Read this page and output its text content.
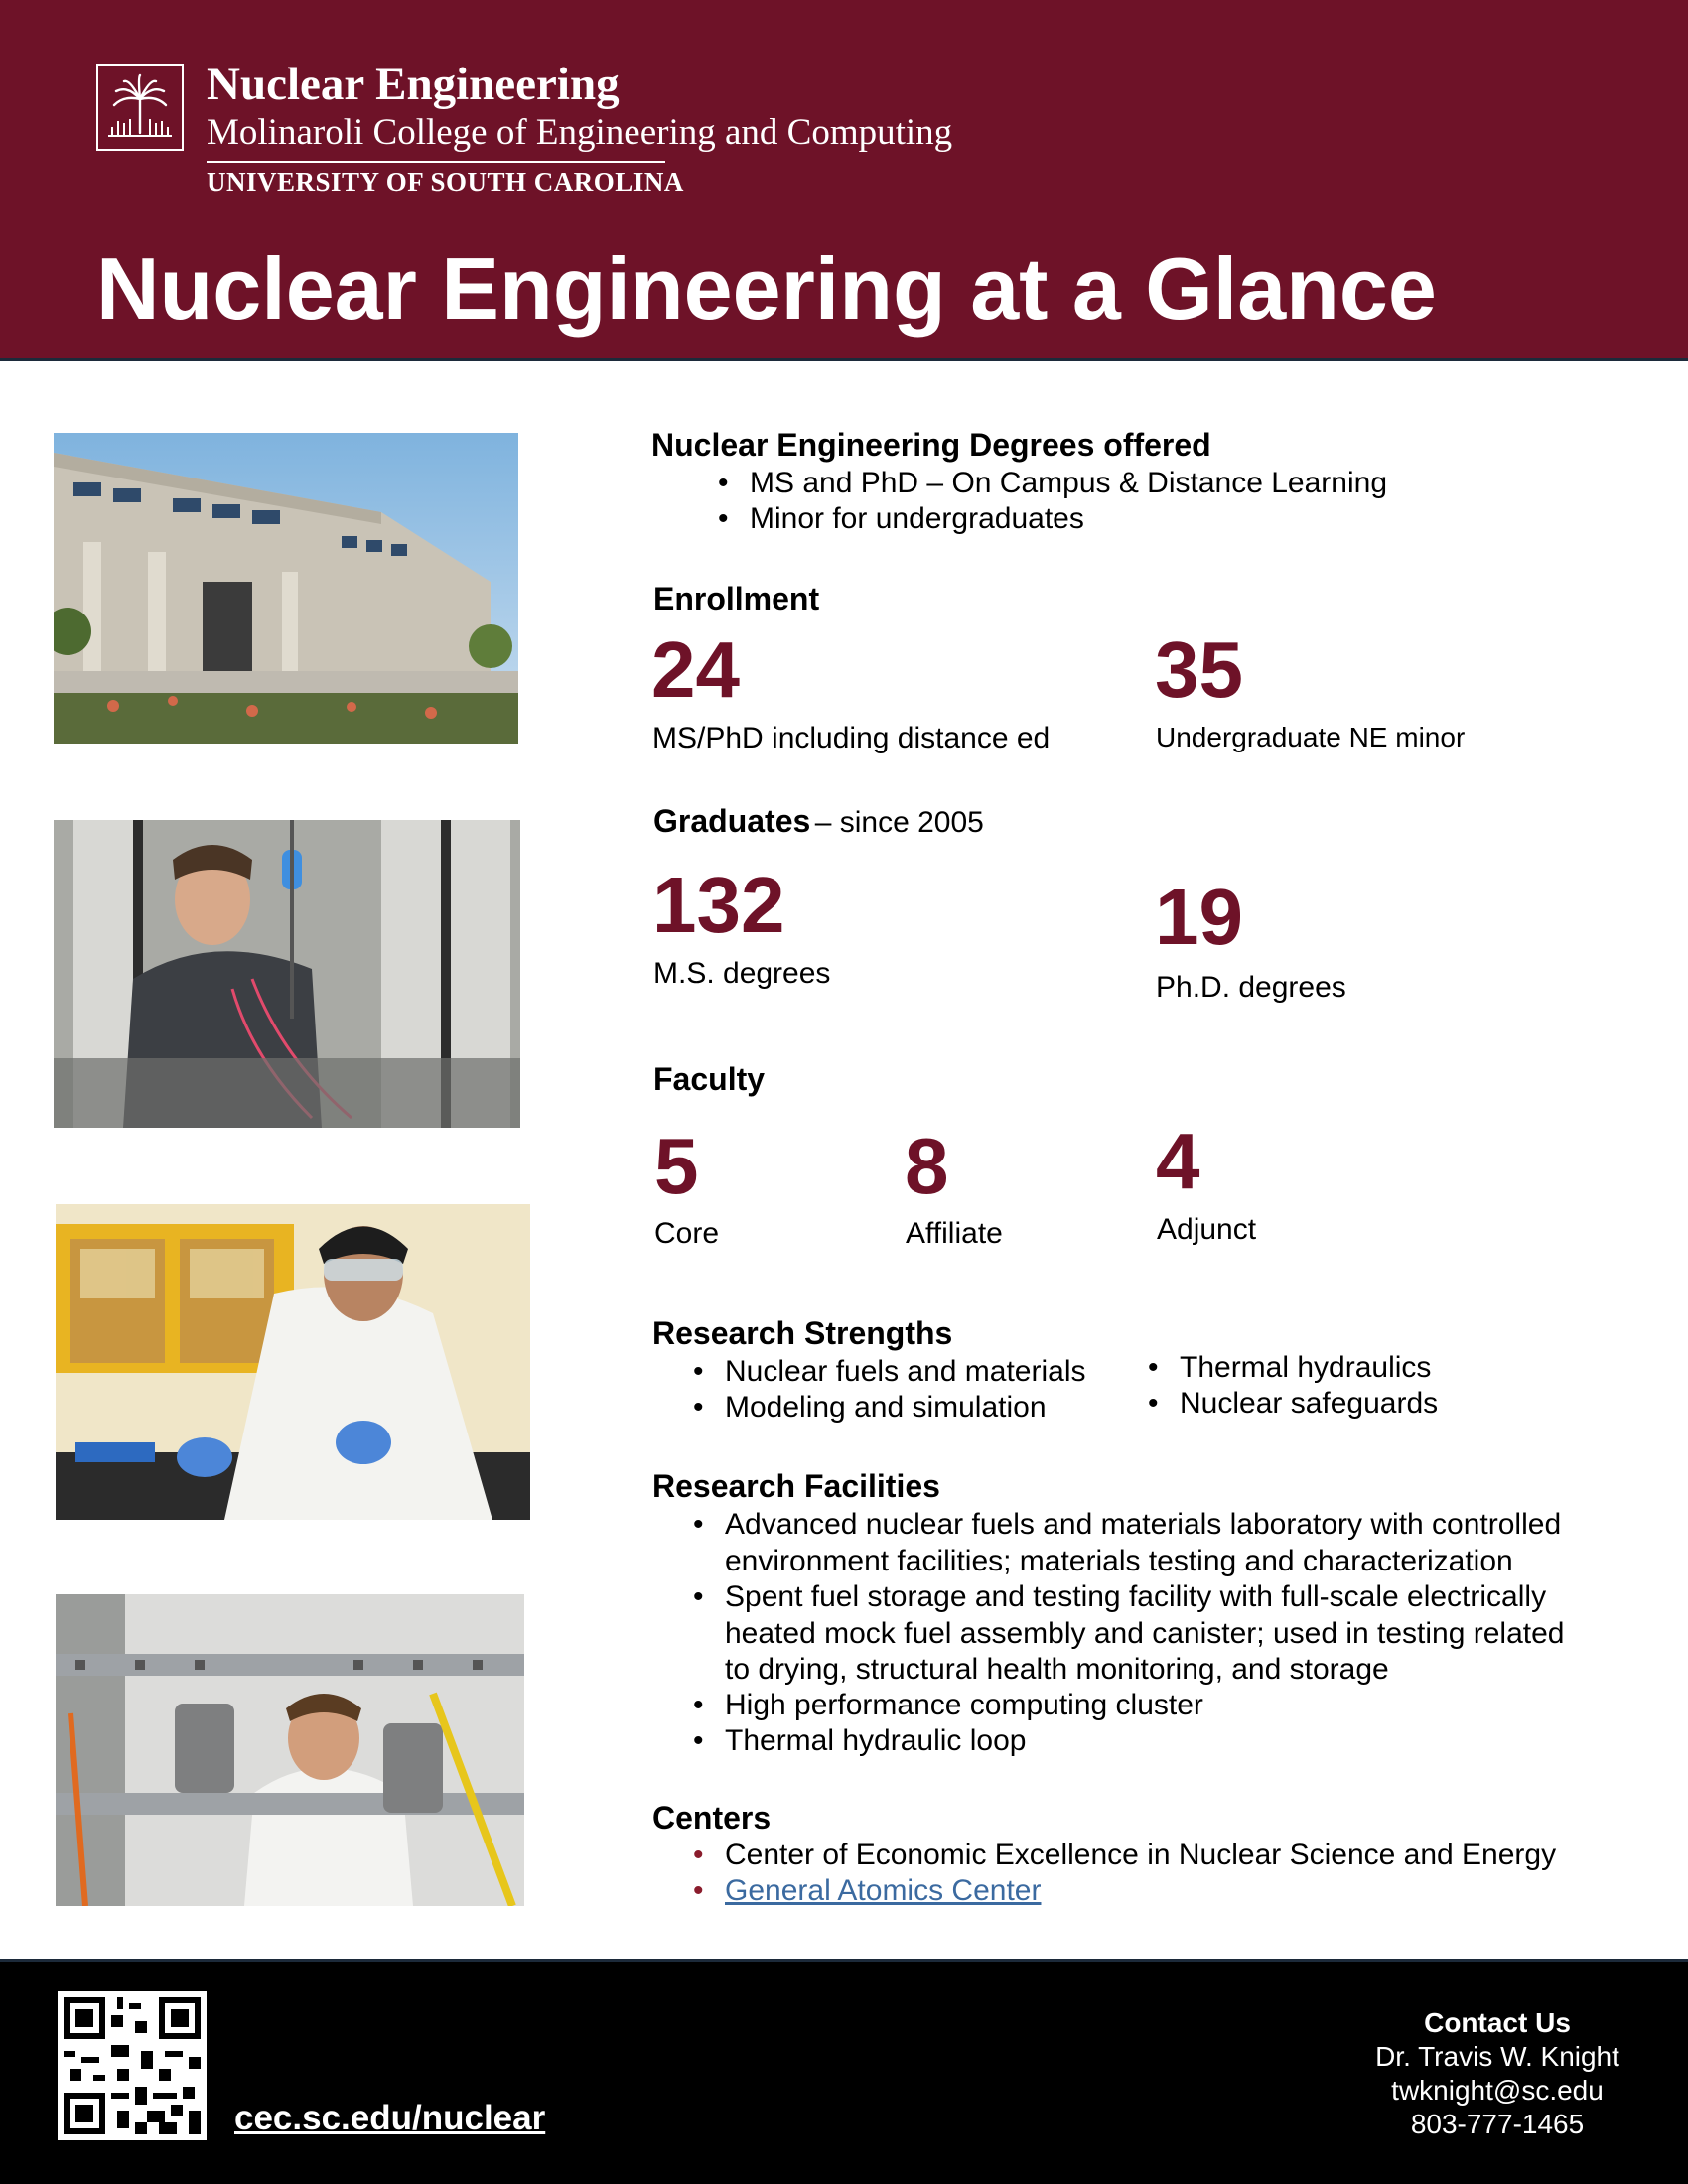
Nuclear Engineering
Molinaroli College of Engineering and Computing
UNIVERSITY OF SOUTH CAROLINA
Nuclear Engineering at a Glance
Nuclear Engineering Degrees offered
• MS and PhD – On Campus & Distance Learning
• Minor for undergraduates
Enrollment
24
MS/PhD including distance ed
35
Undergraduate NE minor
Graduates – since 2005
132
M.S. degrees
19
Ph.D. degrees
Faculty
5
Core
8
Affiliate
4
Adjunct
Research Strengths
• Nuclear fuels and materials
• Modeling and simulation
• Thermal hydraulics
• Nuclear safeguards
Research Facilities
• Advanced nuclear fuels and materials laboratory with controlled
environment facilities; materials testing and characterization
• Spent fuel storage and testing facility with full-scale electrically
heated mock fuel assembly and canister; used in testing related
to drying, structural health monitoring, and storage
• High performance computing cluster
• Thermal hydraulic loop
Centers
• Center of Economic Excellence in Nuclear Science and Energy
• General Atomics Center
cec.sc.edu/nuclear
Contact Us
Dr. Travis W. Knight
twknight@sc.edu
803-777-1465
